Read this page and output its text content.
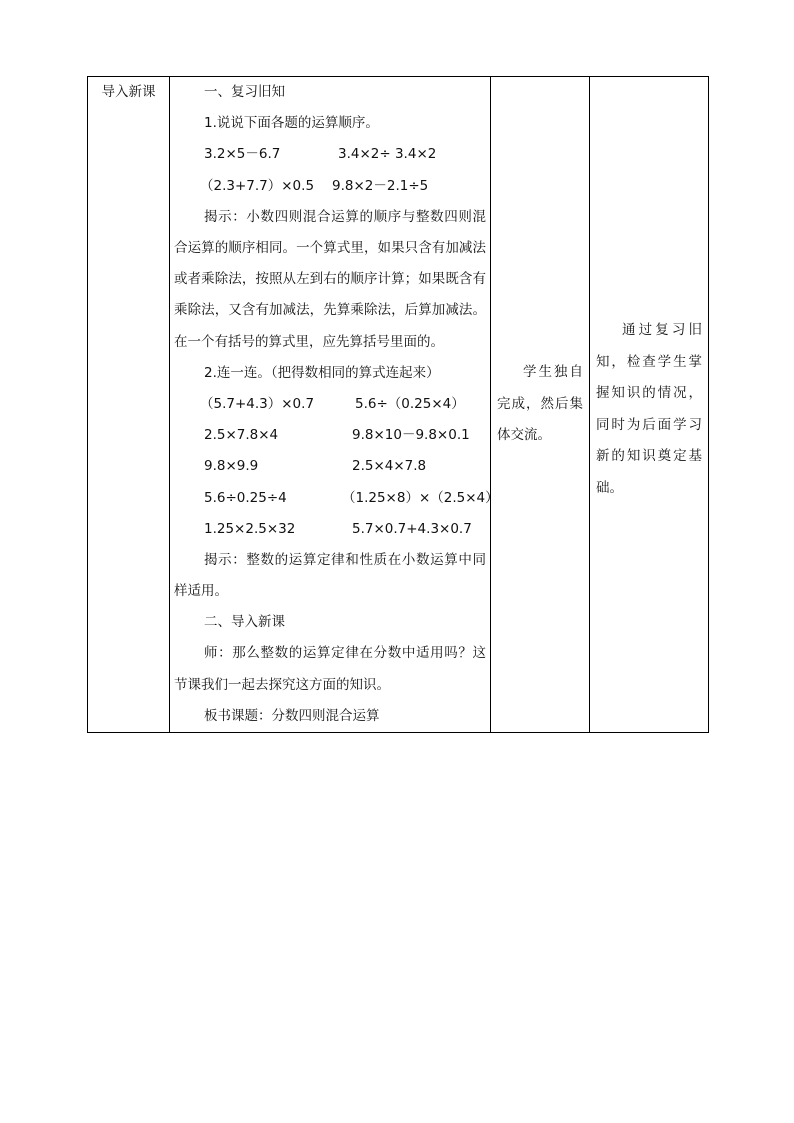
导入新课	一、复习旧知
1.说说下面各题的运算顺序。
3.2×5－6.7	3.4×2÷ 3.4×2
（2.3+7.7）×0.5 9.8×2－2.1÷5
揭示：小数四则混合运算的顺序与整数四则混合运算的顺序相同。一个算式里，如果只含有加减法或者乘除法，按照从左到右的顺序计算；如果既含有乘除法，又含有加减法，先算乘除法，后算加减法。在一个有括号的算式里，应先算括号里面的。
2.连一连。（把得数相同的算式连起来）
（5.7+4.3）×0.7	5.6÷（0.25×4）
2.5×7.8×4	9.8×10－9.8×0.1
9.8×9.9	2.5×4×7.8
5.6÷0.25÷4	（1.25×8）×（2.5×4）
1.25×2.5×32	5.7×0.7+4.3×0.7
揭示：整数的运算定律和性质在小数运算中同样适用。
二、导入新课
师：那么整数的运算定律在分数中适用吗？这节课我们一起去探究这方面的知识。
板书课题：分数四则混合运算

学生独自完成，然后集体交流。

通过复习旧知，检查学生掌握知识的情况，同时为后面学习新的知识奠定基础。
